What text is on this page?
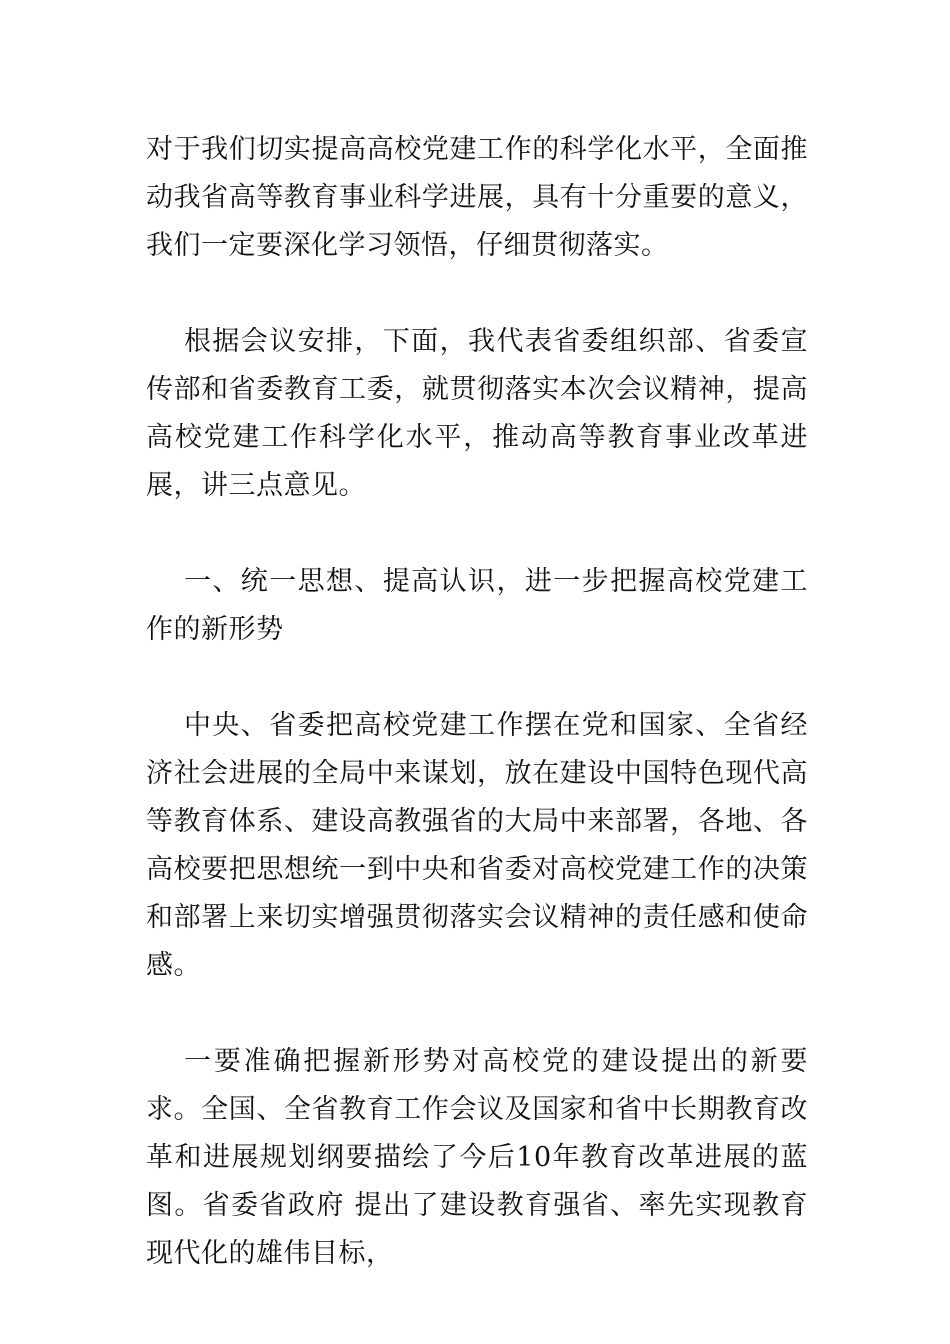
对于我们切实提高高校党建工作的科学化水平，全面推动我省高等教育事业科学进展，具有十分重要的意义，我们一定要深化学习领悟，仔细贯彻落实。

根据会议安排，下面，我代表省委组织部、省委宣传部和省委教育工委，就贯彻落实本次会议精神，提高高校党建工作科学化水平，推动高等教育事业改革进展，讲三点意见。

一、统一思想、提高认识，进一步把握高校党建工作的新形势

中央、省委把高校党建工作摆在党和国家、全省经济社会进展的全局中来谋划，放在建设中国特色现代高等教育体系、建设高教强省的大局中来部署，各地、各高校要把思想统一到中央和省委对高校党建工作的决策和部署上来切实增强贯彻落实会议精神的责任感和使命感。

一要准确把握新形势对高校党的建设提出的新要求。全国、全省教育工作会议及国家和省中长期教育改革和进展规划纲要描绘了今后10年教育改革进展的蓝图。省委省政府 提出了建设教育强省、率先实现教育现代化的雄伟目标，
